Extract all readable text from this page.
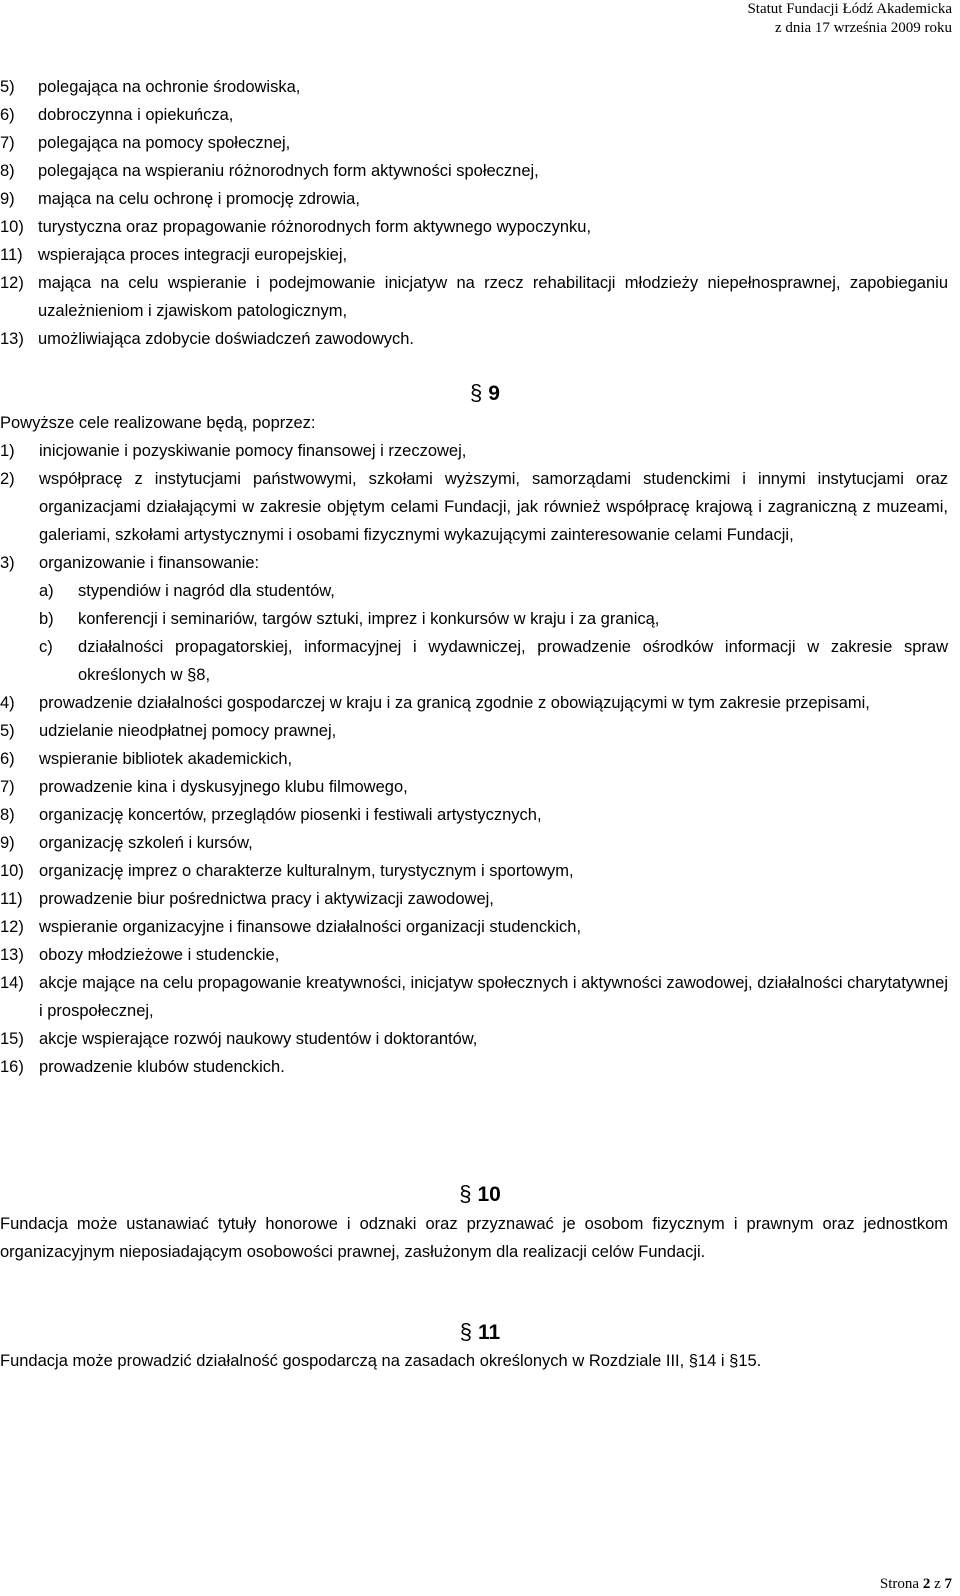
Statut Fundacji Łódź Akademicka
z dnia 17 września 2009 roku
5)	polegająca na ochronie środowiska,
6)	dobroczynna i opiekuńcza,
7)	polegająca na pomocy społecznej,
8)	polegająca na wspieraniu różnorodnych form aktywności społecznej,
9)	mająca na celu ochronę i promocję zdrowia,
10) turystyczna oraz propagowanie różnorodnych form aktywnego wypoczynku,
11) wspierająca proces integracji europejskiej,
12) mająca na celu wspieranie i podejmowanie inicjatyw na rzecz rehabilitacji młodzieży niepełnosprawnej, zapobieganiu uzależnieniom i zjawiskom patologicznym,
13) umożliwiająca zdobycie doświadczeń zawodowych.
§ 9

Powyższe cele realizowane będą, poprzez:

1)	inicjowanie i pozyskiwanie pomocy finansowej i rzeczowej,
2)	współpracę z instytucjami państwowymi, szkołami wyższymi, samorządami studenckimi i innymi instytucjami oraz organizacjami działającymi w zakresie objętym celami Fundacji, jak również współpracę krajową i zagraniczną z muzeami, galeriami, szkołami artystycznymi i osobami fizycznymi wykazującymi zainteresowanie celami Fundacji,
3)	organizowanie i finansowanie:
a)	stypendiów i nagród dla studentów,
b)	konferencji i seminariów, targów sztuki, imprez i konkursów w kraju i za granicą,
c)	działalności propagatorskiej, informacyjnej i wydawniczej, prowadzenie ośrodków informacji w zakresie spraw określonych w §8,
4)	prowadzenie działalności gospodarczej w kraju i za granicą zgodnie z obowiązującymi w tym zakresie przepisami,
5)	udzielanie nieodpłatnej pomocy prawnej,
6)	wspieranie bibliotek akademickich,
7)	prowadzenie kina i dyskusyjnego klubu filmowego,
8)	organizację koncertów, przeglądów piosenki i festiwali artystycznych,
9)	organizację szkoleń i kursów,
10) organizację imprez o charakterze kulturalnym, turystycznym i sportowym,
11) prowadzenie biur pośrednictwa pracy i aktywizacji zawodowej,
12) wspieranie organizacyjne i finansowe działalności organizacji studenckich,
13) obozy młodzieżowe i studenckie,
14) akcje mające na celu propagowanie kreatywności, inicjatyw społecznych i aktywności zawodowej, działalności charytatywnej i prospołecznej,
15) akcje wspierające rozwój naukowy studentów i doktorantów,
16) prowadzenie klubów studenckich.
§ 10

Fundacja może ustanawiać tytuły honorowe i odznaki oraz przyznawać je osobom fizycznym i prawnym oraz jednostkom organizacyjnym nieposiadającym osobowości prawnej, zasłużonym dla realizacji celów Fundacji.

§ 11

Fundacja może prowadzić działalność gospodarczą na zasadach określonych w Rozdziale III, §14 i §15.

Strona 2 z 7
